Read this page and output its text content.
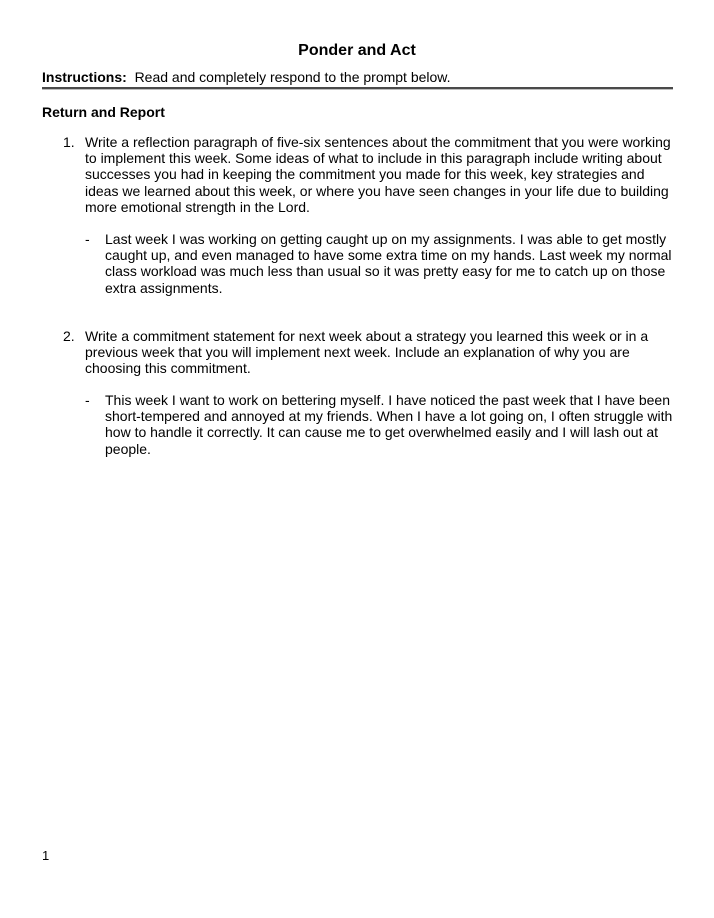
Ponder and Act
Instructions: Read and completely respond to the prompt below.
Return and Report
1. Write a reflection paragraph of five-six sentences about the commitment that you were working to implement this week. Some ideas of what to include in this paragraph include writing about successes you had in keeping the commitment you made for this week, key strategies and ideas we learned about this week, or where you have seen changes in your life due to building more emotional strength in the Lord.
- Last week I was working on getting caught up on my assignments. I was able to get mostly caught up, and even managed to have some extra time on my hands. Last week my normal class workload was much less than usual so it was pretty easy for me to catch up on those extra assignments.
2. Write a commitment statement for next week about a strategy you learned this week or in a previous week that you will implement next week. Include an explanation of why you are choosing this commitment.
- This week I want to work on bettering myself. I have noticed the past week that I have been short-tempered and annoyed at my friends. When I have a lot going on, I often struggle with how to handle it correctly. It can cause me to get overwhelmed easily and I will lash out at people.
1
